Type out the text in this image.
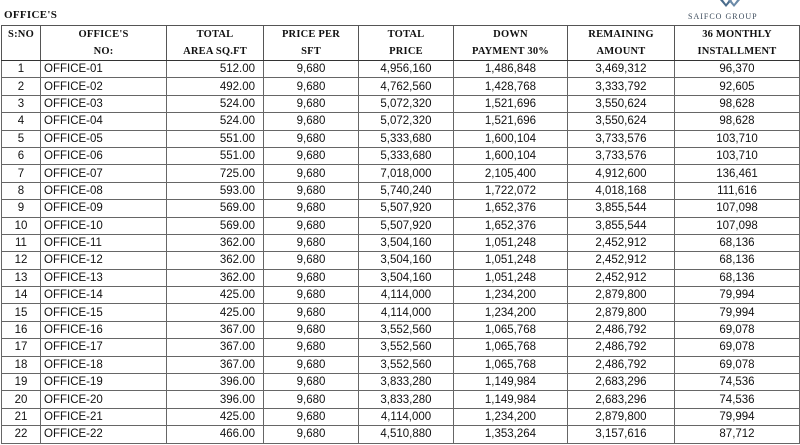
OFFICE'S	SAIFCO GROUP
S:NO	OFFICE'S	TOTAL	PRICE PER	TOTAL	DOWN	REMAINING	36 MONTHLY
	NO:	AREA SQ.FT	SFT	PRICE	PAYMENT 30%	AMOUNT	INSTALLMENT
1	OFFICE-01	512.00	9,680	4,956,160	1,486,848	3,469,312	96,370
2	OFFICE-02	492.00	9,680	4,762,560	1,428,768	3,333,792	92,605
3	OFFICE-03	524.00	9,680	5,072,320	1,521,696	3,550,624	98,628
4	OFFICE-04	524.00	9,680	5,072,320	1,521,696	3,550,624	98,628
5	OFFICE-05	551.00	9,680	5,333,680	1,600,104	3,733,576	103,710
6	OFFICE-06	551.00	9,680	5,333,680	1,600,104	3,733,576	103,710
7	OFFICE-07	725.00	9,680	7,018,000	2,105,400	4,912,600	136,461
8	OFFICE-08	593.00	9,680	5,740,240	1,722,072	4,018,168	111,616
9	OFFICE-09	569.00	9,680	5,507,920	1,652,376	3,855,544	107,098
10	OFFICE-10	569.00	9,680	5,507,920	1,652,376	3,855,544	107,098
11	OFFICE-11	362.00	9,680	3,504,160	1,051,248	2,452,912	68,136
12	OFFICE-12	362.00	9,680	3,504,160	1,051,248	2,452,912	68,136
13	OFFICE-13	362.00	9,680	3,504,160	1,051,248	2,452,912	68,136
14	OFFICE-14	425.00	9,680	4,114,000	1,234,200	2,879,800	79,994
15	OFFICE-15	425.00	9,680	4,114,000	1,234,200	2,879,800	79,994
16	OFFICE-16	367.00	9,680	3,552,560	1,065,768	2,486,792	69,078
17	OFFICE-17	367.00	9,680	3,552,560	1,065,768	2,486,792	69,078
18	OFFICE-18	367.00	9,680	3,552,560	1,065,768	2,486,792	69,078
19	OFFICE-19	396.00	9,680	3,833,280	1,149,984	2,683,296	74,536
20	OFFICE-20	396.00	9,680	3,833,280	1,149,984	2,683,296	74,536
21	OFFICE-21	425.00	9,680	4,114,000	1,234,200	2,879,800	79,994
22	OFFICE-22	466.00	9,680	4,510,880	1,353,264	3,157,616	87,712
